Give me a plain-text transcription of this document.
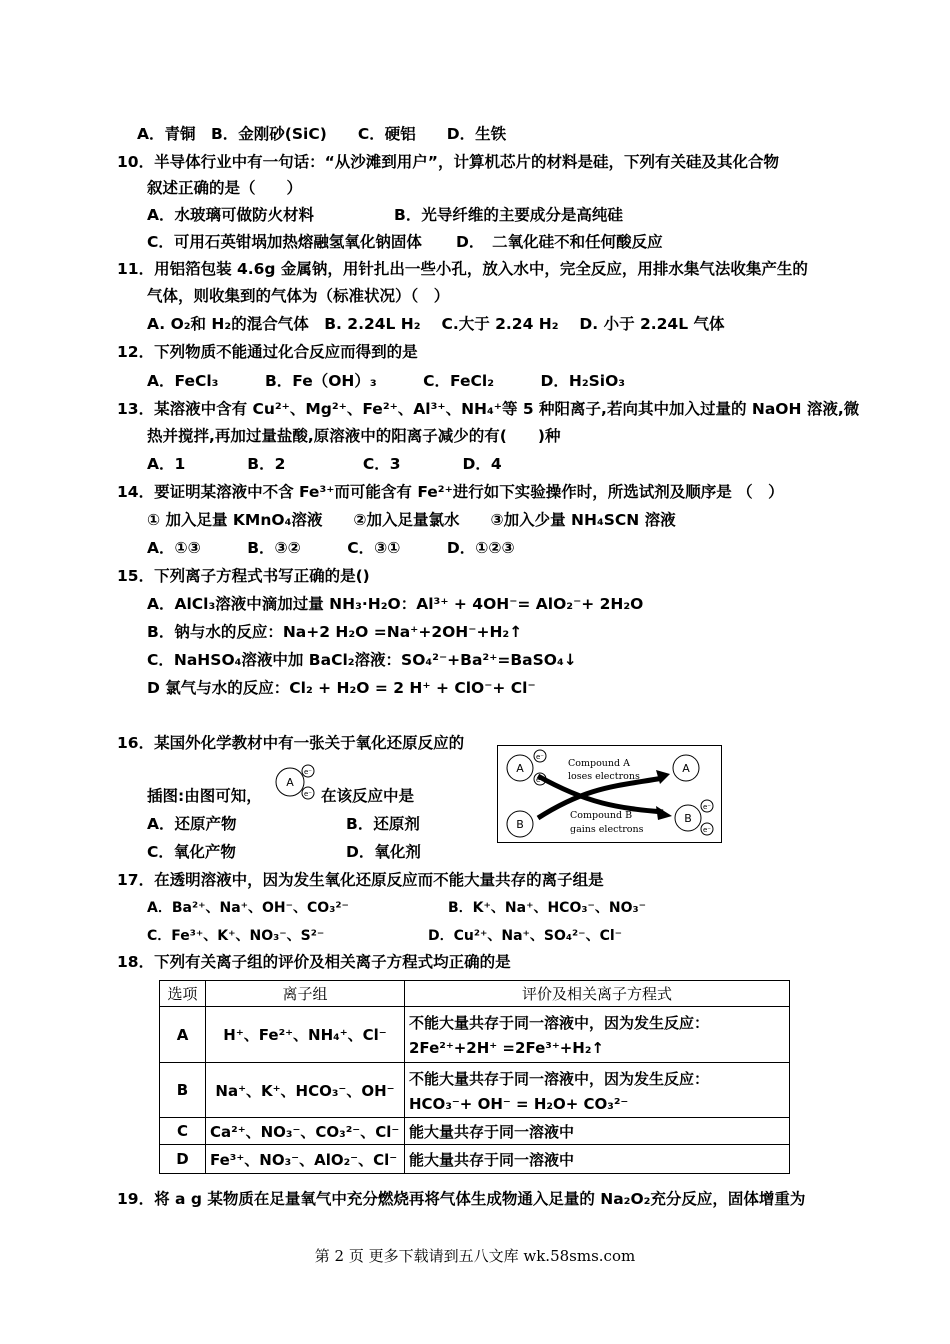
A．青铜　B．金刚砂(SiC)　　C．硬铝　　D．生铁
10．半导体行业中有一句话：“从沙滩到用户”，计算机芯片的材料是硅，下列有关硅及其化合物
叙述正确的是（　　）
A．水玻璃可做防火材料	B．光导纤维的主要成分是高纯硅
C．可用石英钳埚加热熔融氢氧化钠固体 D．　二氧化硅不和任何酸反应
11．用铝箔包装 4.6g 金属钠，用针扎出一些小孔，放入水中，完全反应，用排水集气法收集产生的
气体，则收集到的气体为（标准状况）（　）
A. O₂和 H₂的混合气体　B. 2.24L H₂　 C.大于 2.24 H₂　 D. 小于 2.24L 气体
12．下列物质不能通过化合反应而得到的是
A．FeCl₃　　　B．Fe（OH）₃　　　C．FeCl₂　　　D．H₂SiO₃
13．某溶液中含有 Cu²⁺、Mg²⁺、Fe²⁺、Al³⁺、NH₄⁺等 5 种阳离子,若向其中加入过量的 NaOH 溶液,微
热并搅拌,再加过量盐酸,原溶液中的阳离子减少的有(　　)种
A．1　　　　B．2　　　　　C．3　　　　D．4
14．要证明某溶液中不含 Fe³⁺而可能含有 Fe²⁺进行如下实验操作时，所选试剂及顺序是 （　）
① 加入足量 KMnO₄溶液　　②加入足量氯水　　③加入少量 NH₄SCN 溶液
A．①③　　　B．③②　　　C．③①　　　D．①②③
15．下列离子方程式书写正确的是()
A．AlCl₃溶液中滴加过量 NH₃·H₂O：Al³⁺ + 4OH⁻= AlO₂⁻+ 2H₂O
B．钠与水的反应：Na+2 H₂O =Na⁺+2OH⁻+H₂↑
C．NaHSO₄溶液中加 BaCl₂溶液：SO₄²⁻+Ba²⁺=BaSO₄↓
D 氯气与水的反应：Cl₂ + H₂O = 2 H⁺ + ClO⁻+ Cl⁻
16．某国外化学教材中有一张关于氧化还原反应的
插图:由图可知，
A
e⁻
e⁻ 在该反应中是
A．还原产物	B．还原剂
C．氧化产物	D．氧化剂
A
e⁻
e⁻
A
B	B
e⁻
e⁻
Compound A
loses electrons
Compound B
gains electrons
17．在透明溶液中，因为发生氧化还原反应而不能大量共存的离子组是
A．Ba²⁺、Na⁺、OH⁻、CO₃²⁻	B．K⁺、Na⁺、HCO₃⁻、NO₃⁻
C．Fe³⁺、K⁺、NO₃⁻、S²⁻	D．Cu²⁺、Na⁺、SO₄²⁻、Cl⁻
18．下列有关离子组的评价及相关离子方程式均正确的是
选项	离子组	评价及相关离子方程式
A	H⁺、Fe²⁺、NH₄⁺、Cl⁻	不能大量共存于同一溶液中，因为发生反应：
2Fe²⁺+2H⁺ =2Fe³⁺+H₂↑

B	Na⁺、K⁺、HCO₃⁻、OH⁻	不能大量共存于同一溶液中，因为发生反应：
HCO₃⁻+ OH⁻ = H₂O+ CO₃²⁻

C	Ca²⁺、NO₃⁻、CO₃²⁻、Cl⁻	能大量共存于同一溶液中
D	Fe³⁺、NO₃⁻、AlO₂⁻、Cl⁻	能大量共存于同一溶液中
19．将 a g 某物质在足量氧气中充分燃烧再将气体生成物通入足量的 Na₂O₂充分反应，固体增重为
第 2 页 更多下载请到五八文库 wk.58sms.com
